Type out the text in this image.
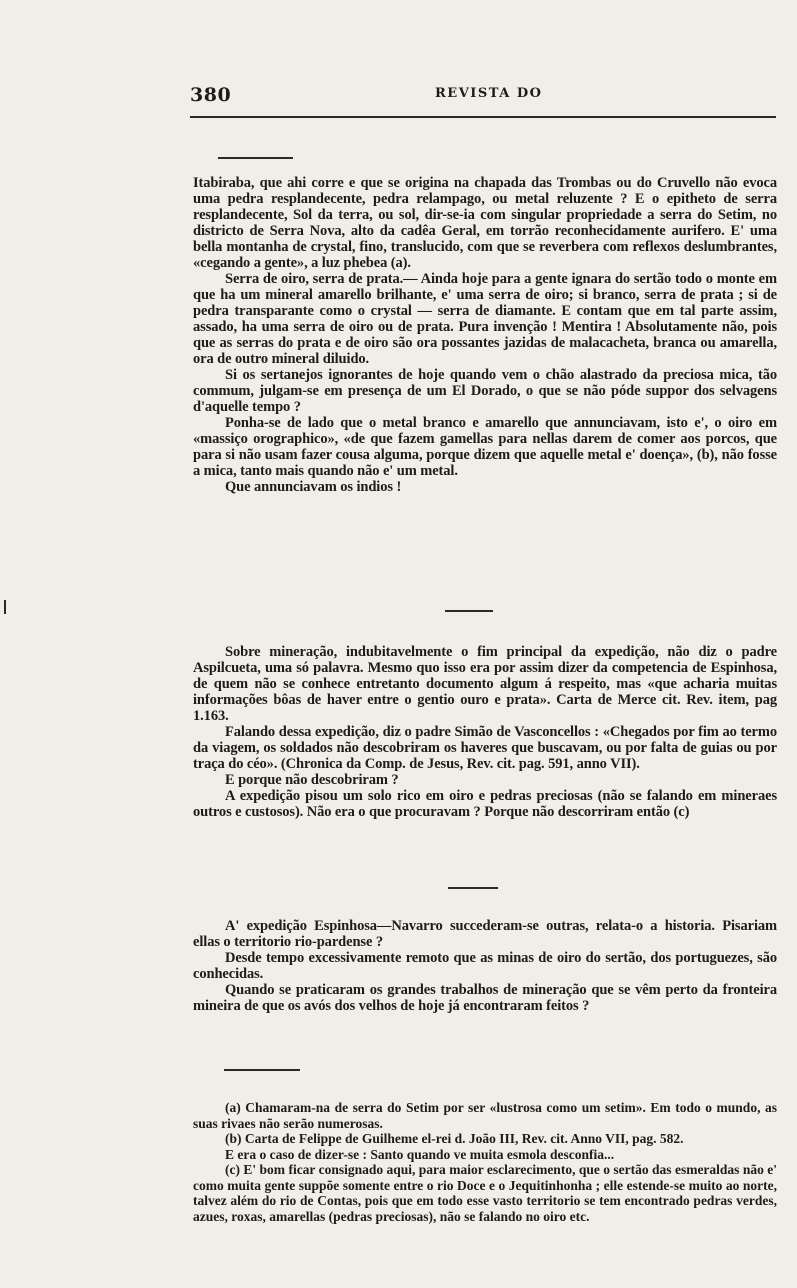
380	REVISTA DO

Itabiraba, que ahi corre e que se origina na chapada das Trombas ou do Cruvello não evoca uma pedra resplandecente, pedra relampago, ou metal reluzente ? E o epitheto de serra resplandecente, Sol da terra, ou sol, dir-se-ia com singular propriedade a serra do Setim, no districto de Serra Nova, alto da cadêa Geral, em torrão reconhecidamente aurifero. E' uma bella montanha de crystal, fino, translucido, com que se reverbera com reflexos deslumbrantes, «cegando a gente», a luz phebea (a).

Serra de oiro, serra de prata.— Ainda hoje para a gente ignara do sertão todo o monte em que ha um mineral amarello brilhante, e' uma serra de oiro; si branco, serra de prata ; si de pedra transparante como o crystal — serra de diamante. E contam que em tal parte assim, assado, ha uma serra de oiro ou de prata. Pura invenção ! Mentira ! Absolutamente não, pois que as serras do prata e de oiro são ora possantes jazidas de malacacheta, branca ou amarella, ora de outro mineral diluido.

Si os sertanejos ignorantes de hoje quando vem o chão alastrado da preciosa mica, tão commum, julgam-se em presença de um El Dorado, o que se não póde suppor dos selvagens d'aquelle tempo ?

Ponha-se de lado que o metal branco e amarello que annunciavam, isto e', o oiro em «massiço orographico», «de que fazem gamellas para nellas darem de comer aos porcos, que para si não usam fazer cousa alguma, porque dizem que aquelle metal e' doença», (b), não fosse a mica, tanto mais quando não e' um metal.

Que annunciavam os indios !

Sobre mineração, indubitavelmente o fim principal da expedição, não diz o padre Aspilcueta, uma só palavra. Mesmo quo isso era por assim dizer da competencia de Espinhosa, de quem não se conhece entretanto documento algum á respeito, mas «que acharia muitas informações bôas de haver entre o gentio ouro e prata». Carta de Merce cit. Rev. item, pag 1.163.

Falando dessa expedição, diz o padre Simão de Vasconcellos : «Chegados por fim ao termo da viagem, os soldados não descobriram os haveres que buscavam, ou por falta de guias ou por traça do céo». (Chronica da Comp. de Jesus, Rev. cit. pag. 591, anno VII).

E porque não descobriram ?

A expedição pisou um solo rico em oiro e pedras preciosas (não se falando em mineraes outros e custosos). Não era o que procuravam ? Porque não descorriram então (c)

A' expedição Espinhosa—Navarro succederam-se outras, relata-o a historia. Pisariam ellas o territorio rio-pardense ?

Desde tempo excessivamente remoto que as minas de oiro do sertão, dos portuguezes, são conhecidas.

Quando se praticaram os grandes trabalhos de mineração que se vêm perto da fronteira mineira de que os avós dos velhos de hoje já encontraram feitos ?

(a) Chamaram-na de serra do Setim por ser «lustrosa como um setim». Em todo o mundo, as suas rivaes não serão numerosas.

(b) Carta de Felippe de Guilheme el-rei d. João III, Rev. cit. Anno VII, pag. 582.

E era o caso de dizer-se : Santo quando ve muita esmola desconfia...

(c) E' bom ficar consignado aqui, para maior esclarecimento, que o sertão das esmeraldas não e' como muita gente suppõe somente entre o rio Doce e o Jequitinhonha ; elle estende-se muito ao norte, talvez além do rio de Contas, pois que em todo esse vasto territorio se tem encontrado pedras verdes, azues, roxas, amarellas (pedras preciosas), não se falando no oiro etc.
